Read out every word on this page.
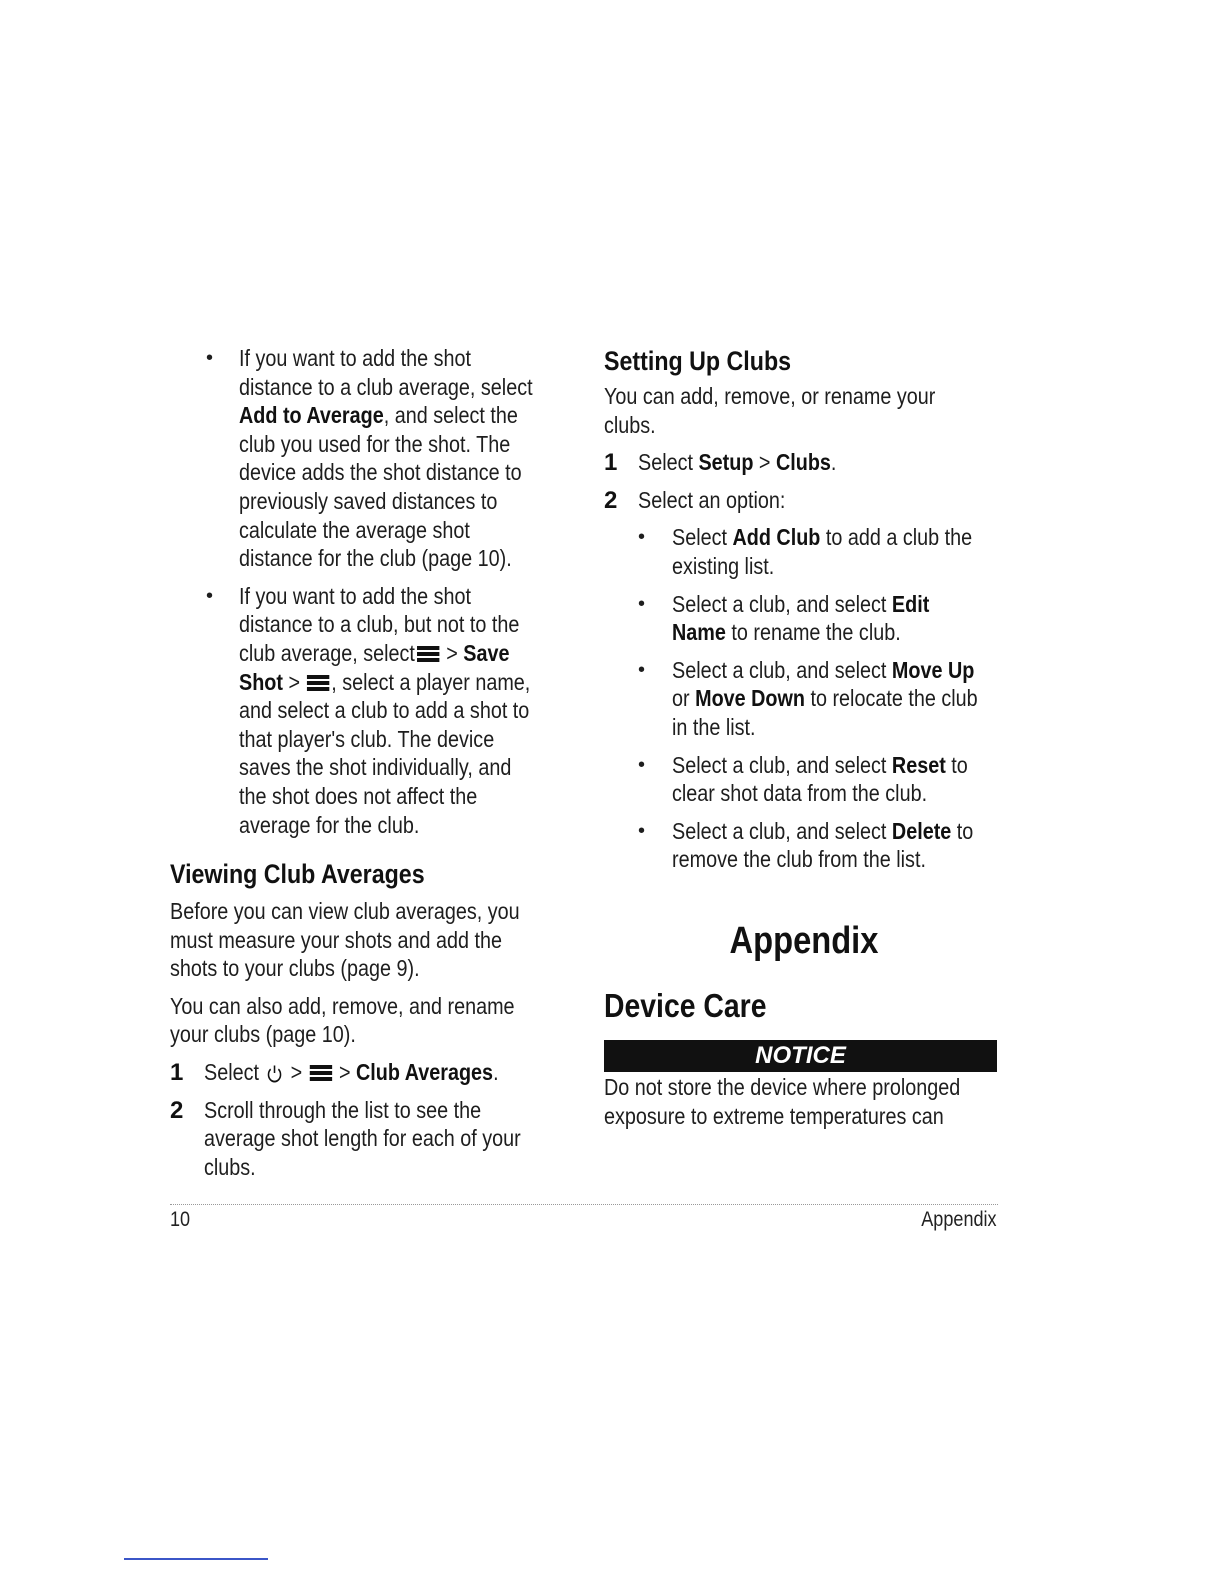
• If you want to add the shot
distance to a club average, select
Add to Average, and select the
club you used for the shot. The
device adds the shot distance to
previously saved distances to
calculate the average shot
distance for the club (page 10).
• If you want to add the shot
distance to a club, but not to the
club average, select
> Save
Shot >
, select a player name,
and select a club to add a shot to
that player's club. The device
saves the shot individually, and
the shot does not affect the
average for the club.
Viewing Club Averages
Before you can view club averages, you
must measure your shots and add the
shots to your clubs (page 9).
You can also add, remove, and rename
your clubs (page 10).
1 Select  >
> Club Averages.
2 Scroll through the list to see the
average shot length for each of your
clubs.
Setting Up Clubs
You can add, remove, or rename your
clubs.
1 Select Setup > Clubs.
2 Select an option:
• Select Add Club to add a club the
existing list.
• Select a club, and select Edit
Name to rename the club.
• Select a club, and select Move Up
or Move Down to relocate the club
in the list.
• Select a club, and select Reset to
clear shot data from the club.
• Select a club, and select Delete to
remove the club from the list.
Appendix
Device Care
NOTICE
Do not store the device where prolonged
exposure to extreme temperatures can
10	Appendix
